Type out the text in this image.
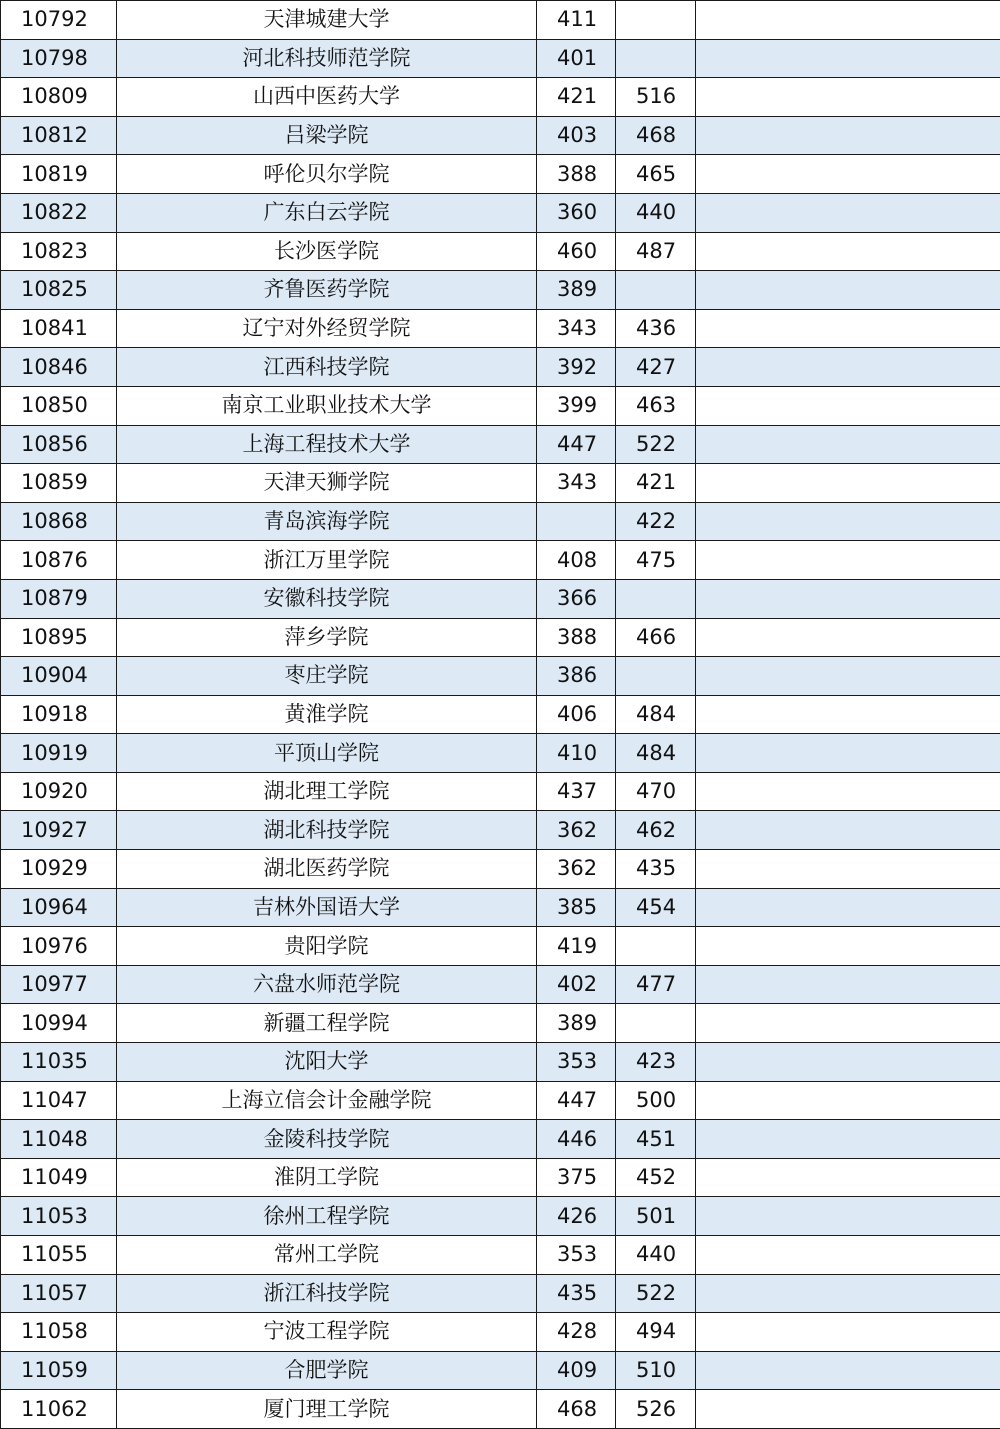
10792	天津城建大学	411		
10798	河北科技师范学院	401		
10809	山西中医药大学	421	516	
10812	吕梁学院	403	468	
10819	呼伦贝尔学院	388	465	
10822	广东白云学院	360	440	
10823	长沙医学院	460	487	
10825	齐鲁医药学院	389		
10841	辽宁对外经贸学院	343	436	
10846	江西科技学院	392	427	
10850	南京工业职业技术大学	399	463	
10856	上海工程技术大学	447	522	
10859	天津天狮学院	343	421	
10868	青岛滨海学院		422	
10876	浙江万里学院	408	475	
10879	安徽科技学院	366		
10895	萍乡学院	388	466	
10904	枣庄学院	386		
10918	黄淮学院	406	484	
10919	平顶山学院	410	484	
10920	湖北理工学院	437	470	
10927	湖北科技学院	362	462	
10929	湖北医药学院	362	435	
10964	吉林外国语大学	385	454	
10976	贵阳学院	419		
10977	六盘水师范学院	402	477	
10994	新疆工程学院	389		
11035	沈阳大学	353	423	
11047	上海立信会计金融学院	447	500	
11048	金陵科技学院	446	451	
11049	淮阴工学院	375	452	
11053	徐州工程学院	426	501	
11055	常州工学院	353	440	
11057	浙江科技学院	435	522	
11058	宁波工程学院	428	494	
11059	合肥学院	409	510	
11062	厦门理工学院	468	526	
